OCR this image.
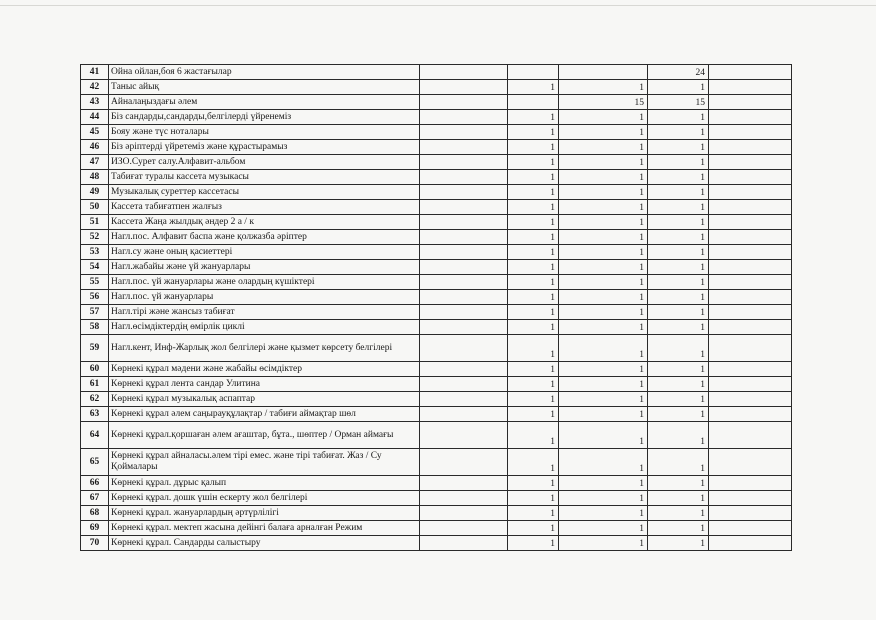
41	Ойна ойлан,боя 6 жастағылар				24	
42	Таныс айық		1	1	1	
43	Айналаңыздағы әлем			15	15	
44	Біз сандарды,сандарды,белгілерді үйренеміз		1	1	1	
45	Бояу және түс ноталары		1	1	1	
46	Біз әріптерді үйретеміз және құрастырамыз		1	1	1	
47	ИЗО.Сурет салу.Алфавит-альбом		1	1	1	
48	Табиғат туралы кассета музыкасы		1	1	1	
49	Музыкалық суреттер кассетасы		1	1	1	
50	Кассета табиғатпен жалғыз		1	1	1	
51	Кассета Жаңа жылдық әндер 2 а / к		1	1	1	
52	Нагл.пос. Алфавит баспа және қолжазба әріптер		1	1	1	
53	Нагл.су және оның қасиеттері		1	1	1	
54	Нагл.жабайы және үй жануарлары		1	1	1	
55	Нагл.пос. үй жануарлары және олардың күшіктері		1	1	1	
56	Нагл.пос. үй жануарлары		1	1	1	
57	Нагл.тірі және жансыз табиғат		1	1	1	
58	Нагл.өсімдіктердің өмірлік циклі		1	1	1	
59	Нагл.кент, Инф-Жарлық жол белгілері және қызмет көрсету белгілері		1	1	1	
60	Көрнекі құрал мәдени және жабайы өсімдіктер		1	1	1	
61	Көрнекі құрал лента сандар Улитина		1	1	1	
62	Көрнекі құрал музыкалық аспаптар		1	1	1	
63	Көрнекі құрал әлем саңырауқұлақтар / табиғи аймақтар шөл		1	1	1	
64	Көрнекі құрал.қоршаған әлем ағаштар, бұта., шөптер / Орман аймағы		1	1	1	
65	Көрнекі құрал айналасы.әлем тірі емес. және тірі табиғат. Жаз / Су Қоймалары		1	1	1	
66	Көрнекі құрал. дұрыс қалып		1	1	1	
67	Көрнекі құрал. дошк үшін ескерту жол белгілері		1	1	1	
68	Көрнекі құрал. жануарлардың әртүрлілігі		1	1	1	
69	Көрнекі құрал. мектеп жасына дейінгі балаға арналған Режим		1	1	1	
70	Көрнекі құрал. Сандарды салыстыру		1	1	1	
